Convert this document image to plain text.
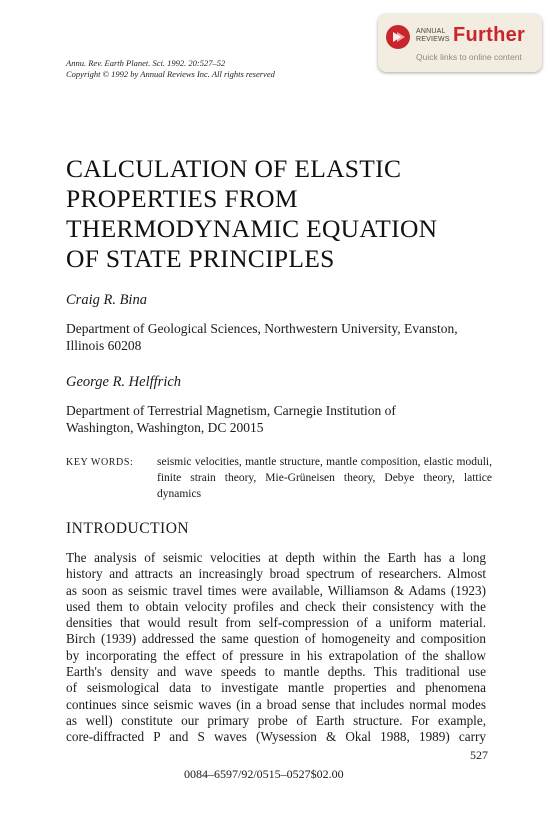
ANNUAL
REVIEWS Further
Quick links to online content
Annu. Rev. Earth Planet. Sci. 1992. 20:527–52
Copyright © 1992 by Annual Reviews Inc. All rights reserved
CALCULATION OF ELASTIC
PROPERTIES FROM
THERMODYNAMIC EQUATION
OF STATE PRINCIPLES
Craig R. Bina
Department of Geological Sciences, Northwestern University, Evanston,
Illinois 60208
George R. Helffrich
Department of Terrestrial Magnetism, Carnegie Institution of
Washington, Washington, DC 20015
KEY WORDS: seismic velocities, mantle structure, mantle composition, elastic moduli, finite strain theory, Mie-Grüneisen theory, Debye theory, lattice dynamics
INTRODUCTION
The analysis of seismic velocities at depth within the Earth has a long
history and attracts an increasingly broad spectrum of researchers. Almost
as soon as seismic travel times were available, Williamson & Adams (1923)
used them to obtain velocity profiles and check their consistency with the
densities that would result from self-compression of a uniform material.
Birch (1939) addressed the same question of homogeneity and composition
by incorporating the effect of pressure in his extrapolation of the shallow
Earth's density and wave speeds to mantle depths. This traditional use
of seismological data to investigate mantle properties and phenomena
continues since seismic waves (in a broad sense that includes normal modes
as well) constitute our primary probe of Earth structure. For example,
core-diffracted P and S waves (Wysession & Okal 1988, 1989) carry
527
0084–6597/92/0515–0527$02.00
